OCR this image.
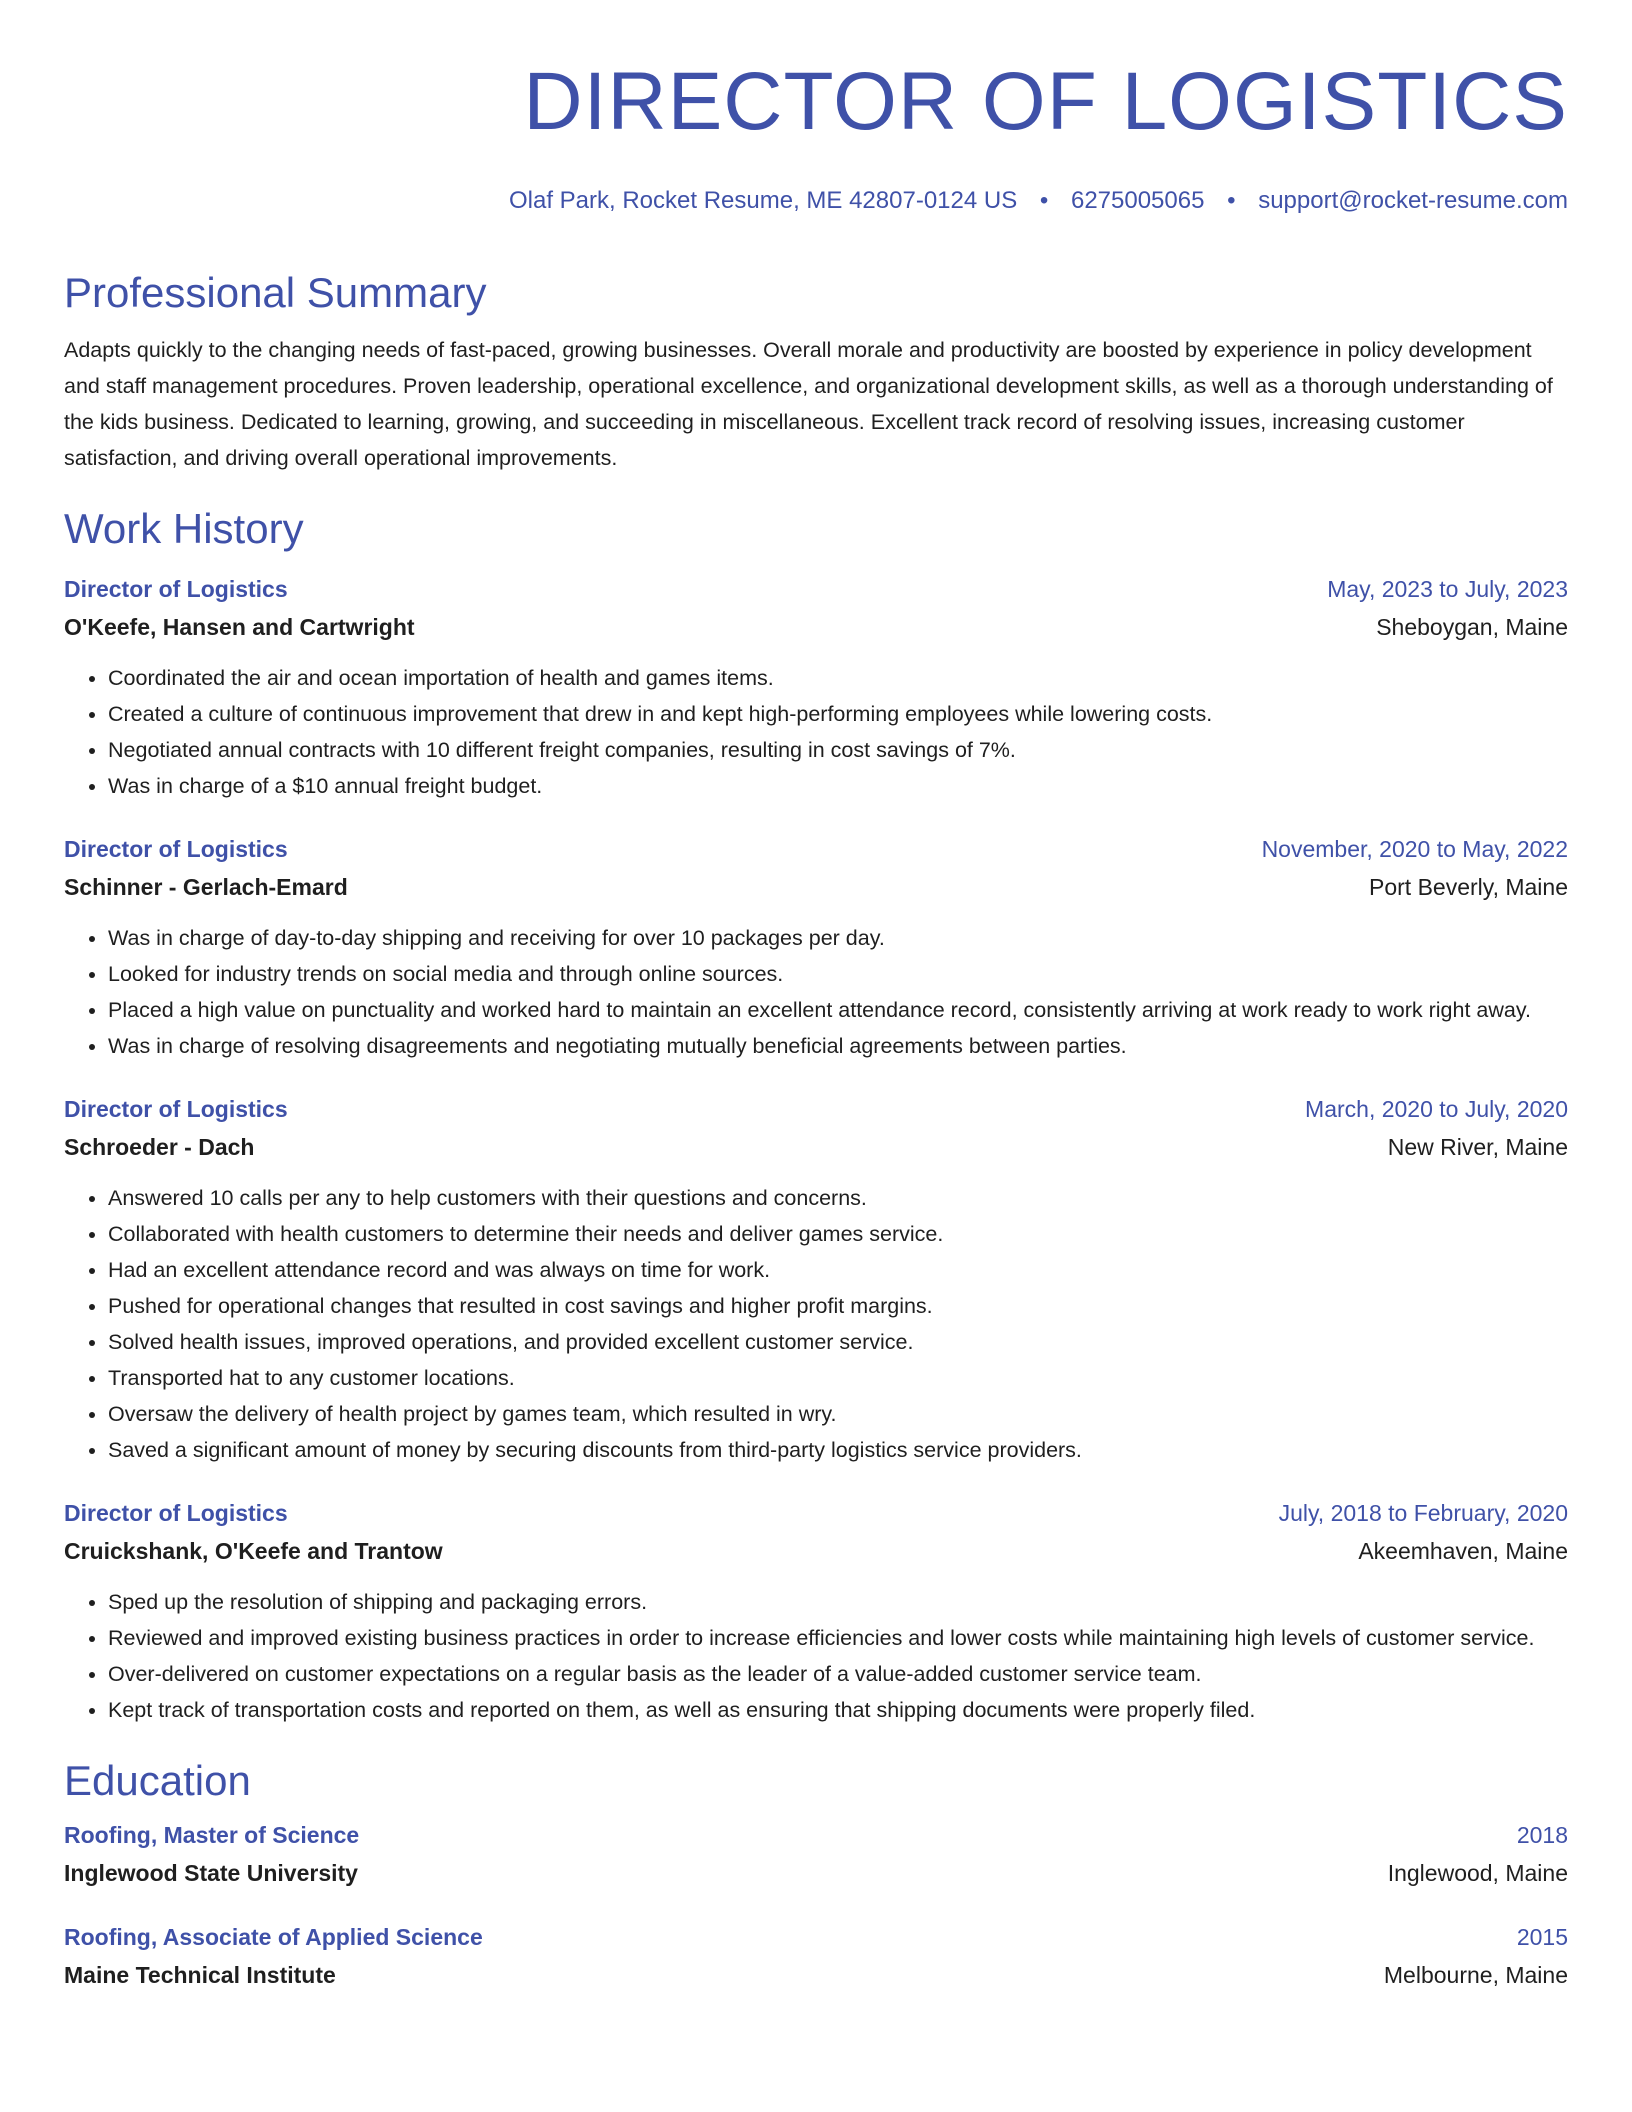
DIRECTOR OF LOGISTICS
Olaf Park, Rocket Resume, ME 42807-0124 US • 6275005065 • support@rocket-resume.com
Professional Summary
Adapts quickly to the changing needs of fast-paced, growing businesses. Overall morale and productivity are boosted by experience in policy development and staff management procedures. Proven leadership, operational excellence, and organizational development skills, as well as a thorough understanding of the kids business. Dedicated to learning, growing, and succeeding in miscellaneous. Excellent track record of resolving issues, increasing customer satisfaction, and driving overall operational improvements.
Work History
Director of Logistics	May, 2023 to July, 2023
O'Keefe, Hansen and Cartwright	Sheboygan, Maine
• Coordinated the air and ocean importation of health and games items.
• Created a culture of continuous improvement that drew in and kept high-performing employees while lowering costs.
• Negotiated annual contracts with 10 different freight companies, resulting in cost savings of 7%.
• Was in charge of a $10 annual freight budget.
Director of Logistics	November, 2020 to May, 2022
Schinner - Gerlach-Emard	Port Beverly, Maine
• Was in charge of day-to-day shipping and receiving for over 10 packages per day.
• Looked for industry trends on social media and through online sources.
• Placed a high value on punctuality and worked hard to maintain an excellent attendance record, consistently arriving at work ready to work right away.
• Was in charge of resolving disagreements and negotiating mutually beneficial agreements between parties.
Director of Logistics	March, 2020 to July, 2020
Schroeder - Dach	New River, Maine
• Answered 10 calls per any to help customers with their questions and concerns.
• Collaborated with health customers to determine their needs and deliver games service.
• Had an excellent attendance record and was always on time for work.
• Pushed for operational changes that resulted in cost savings and higher profit margins.
• Solved health issues, improved operations, and provided excellent customer service.
• Transported hat to any customer locations.
• Oversaw the delivery of health project by games team, which resulted in wry.
• Saved a significant amount of money by securing discounts from third-party logistics service providers.
Director of Logistics	July, 2018 to February, 2020
Cruickshank, O'Keefe and Trantow	Akeemhaven, Maine
• Sped up the resolution of shipping and packaging errors.
• Reviewed and improved existing business practices in order to increase efficiencies and lower costs while maintaining high levels of customer service.
• Over-delivered on customer expectations on a regular basis as the leader of a value-added customer service team.
• Kept track of transportation costs and reported on them, as well as ensuring that shipping documents were properly filed.
Education
Roofing, Master of Science	2018
Inglewood State University	Inglewood, Maine
Roofing, Associate of Applied Science	2015
Maine Technical Institute	Melbourne, Maine
